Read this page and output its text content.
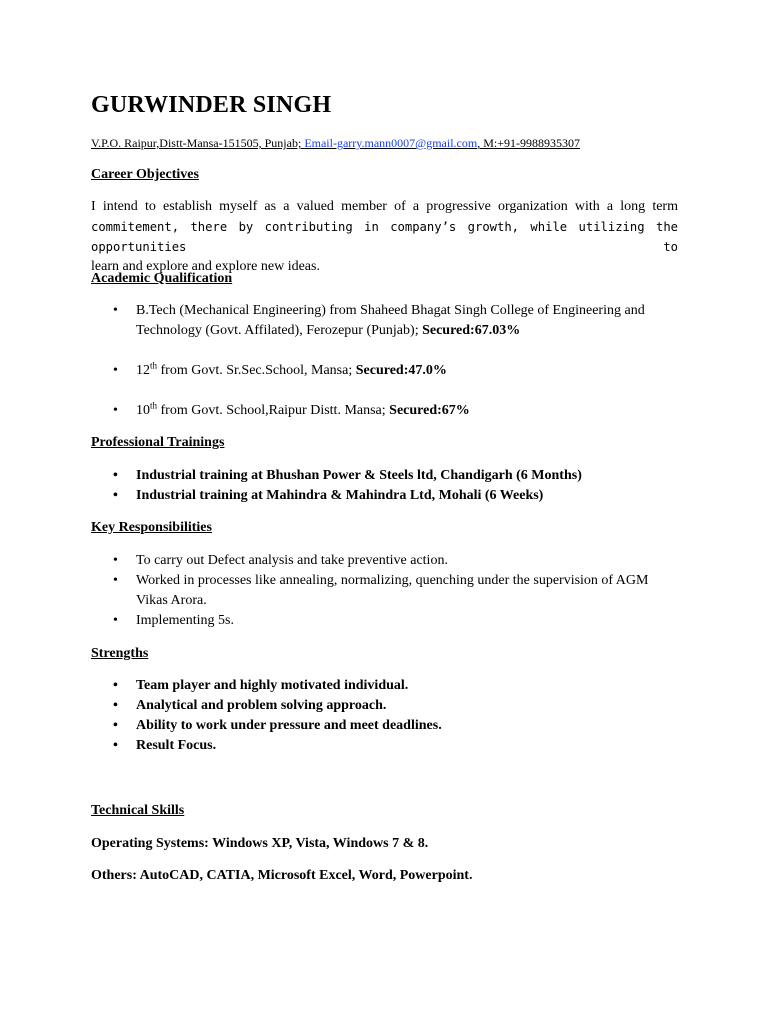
GURWINDER SINGH
V.P.O. Raipur,Distt-Mansa-151505, Punjab; Email-garry.mann0007@gmail.com, M:+91-9988935307
Career Objectives
I intend to establish myself as a valued member of a progressive organization with a long term
commitement, there by contributing in company’s growth, while utilizing the opportunities to
learn and explore and explore new ideas.
Academic Qualification
• B.Tech (Mechanical Engineering) from Shaheed Bhagat Singh College of Engineering and Technology (Govt. Affilated), Ferozepur (Punjab); Secured:67.03%
• 12th from Govt. Sr.Sec.School, Mansa; Secured:47.0%
• 10th from Govt. School,Raipur Distt. Mansa; Secured:67%
Professional Trainings
• Industrial training at Bhushan Power & Steels ltd, Chandigarh (6 Months)
• Industrial training at Mahindra & Mahindra Ltd, Mohali (6 Weeks)
Key Responsibilities
• To carry out Defect analysis and take preventive action.
• Worked in processes like annealing, normalizing, quenching under the supervision of AGM Vikas Arora.
• Implementing 5s.
Strengths
• Team player and highly motivated individual.
• Analytical and problem solving approach.
• Ability to work under pressure and meet deadlines.
• Result Focus.
Technical Skills
Operating Systems: Windows XP, Vista, Windows 7 & 8.
Others: AutoCAD, CATIA, Microsoft Excel, Word, Powerpoint.
